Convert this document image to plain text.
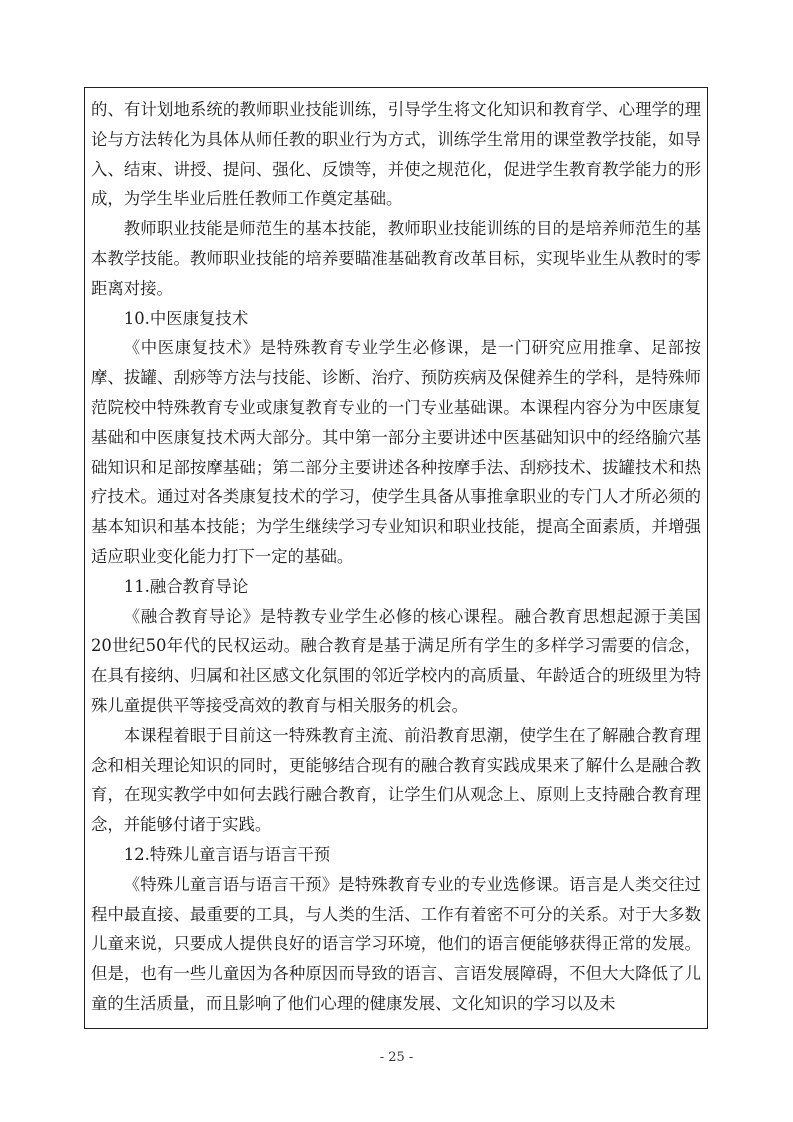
的、有计划地系统的教师职业技能训练，引导学生将文化知识和教育学、心理学的理论与方法转化为具体从师任教的职业行为方式，训练学生常用的课堂教学技能，如导入、结束、讲授、提问、强化、反馈等，并使之规范化，促进学生教育教学能力的形成，为学生毕业后胜任教师工作奠定基础。

教师职业技能是师范生的基本技能，教师职业技能训练的目的是培养师范生的基本教学技能。教师职业技能的培养要瞄准基础教育改革目标，实现毕业生从教时的零距离对接。

10.中医康复技术

《中医康复技术》是特殊教育专业学生必修课，是一门研究应用推拿、足部按摩、拔罐、刮痧等方法与技能、诊断、治疗、预防疾病及保健养生的学科，是特殊师范院校中特殊教育专业或康复教育专业的一门专业基础课。本课程内容分为中医康复基础和中医康复技术两大部分。其中第一部分主要讲述中医基础知识中的经络腧穴基础知识和足部按摩基础；第二部分主要讲述各种按摩手法、刮痧技术、拔罐技术和热疗技术。通过对各类康复技术的学习，使学生具备从事推拿职业的专门人才所必须的基本知识和基本技能；为学生继续学习专业知识和职业技能，提高全面素质，并增强适应职业变化能力打下一定的基础。

11.融合教育导论

《融合教育导论》是特教专业学生必修的核心课程。融合教育思想起源于美国20世纪50年代的民权运动。融合教育是基于满足所有学生的多样学习需要的信念，在具有接纳、归属和社区感文化氛围的邻近学校内的高质量、年龄适合的班级里为特殊儿童提供平等接受高效的教育与相关服务的机会。

本课程着眼于目前这一特殊教育主流、前沿教育思潮，使学生在了解融合教育理念和相关理论知识的同时，更能够结合现有的融合教育实践成果来了解什么是融合教育，在现实教学中如何去践行融合教育，让学生们从观念上、原则上支持融合教育理念，并能够付诸于实践。

12.特殊儿童言语与语言干预

《特殊儿童言语与语言干预》是特殊教育专业的专业选修课。语言是人类交往过程中最直接、最重要的工具，与人类的生活、工作有着密不可分的关系。对于大多数儿童来说，只要成人提供良好的语言学习环境，他们的语言便能够获得正常的发展。但是，也有一些儿童因为各种原因而导致的语言、言语发展障碍，不但大大降低了儿童的生活质量，而且影响了他们心理的健康发展、文化知识的学习以及未

- 25 -
